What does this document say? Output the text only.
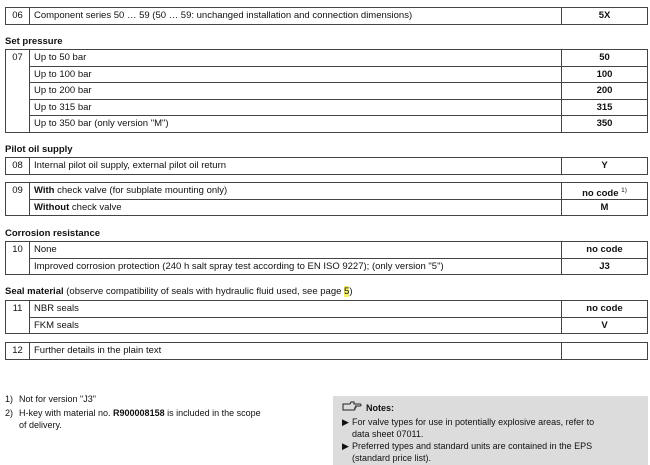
06	Component series 50 … 59 (50 … 59: unchanged installation and connection dimensions)	5X
Set pressure
07	Up to 50 bar	50
Up to 100 bar	100
Up to 200 bar	200
Up to 315 bar	315
Up to 350 bar (only version "M")	350
Pilot oil supply
08	Internal pilot oil supply, external pilot oil return	Y
09	With check valve (for subplate mounting only)	no code $^{1)}$
Without check valve	M
Corrosion resistance
10	None	no code
Improved corrosion protection (240 h salt spray test according to EN ISO 9227); (only version "5")	J3
Seal material (observe compatibility of seals with hydraulic fluid used, see page 5)
11	NBR seals	no code
FKM seals	V
12	Further details in the plain text
1) Not for version "J3"
2) H-key with material no. R900008158 is included in the scope
of delivery.
Notes:
▶ For valve types for use in potentially explosive areas, refer to
data sheet 07011.
▶ Preferred types and standard units are contained in the EPS
(standard price list).
